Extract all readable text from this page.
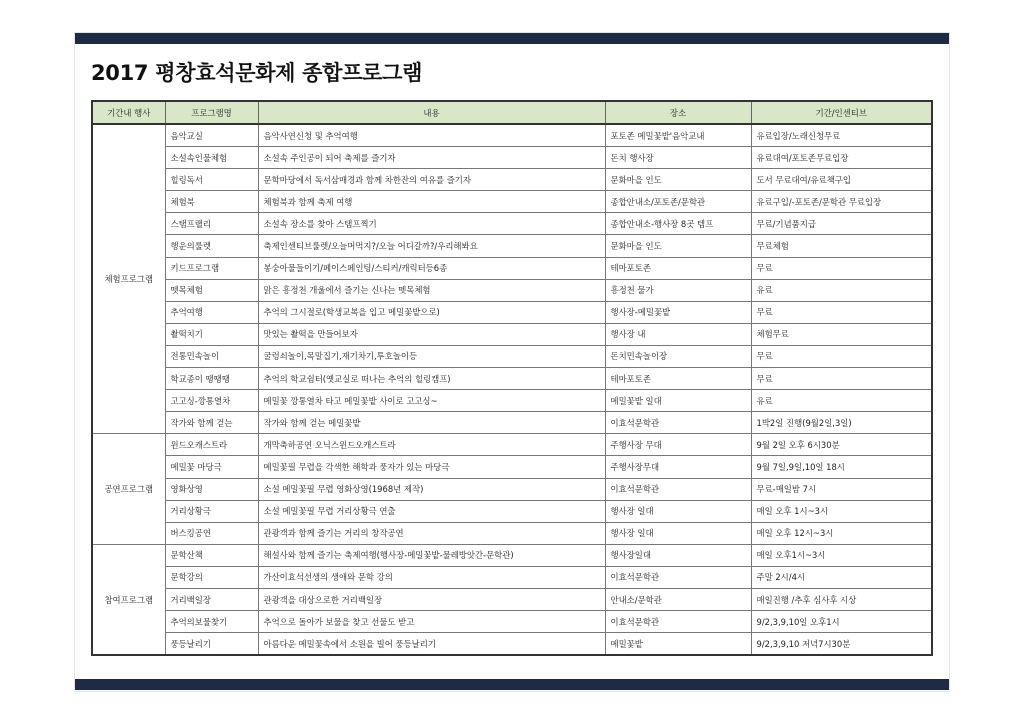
2017 평창효석문화제 종합프로그램
기간내 행사	프로그램명	내용	장소	기간/인센티브
체험프로그램	음악교실	음악사연신청 및 추억여행	포토존 메밀꽃밭'음악교내	유료입장/노래신청무료
	소설속인물체험	소설속 주인공이 되어 축제를 즐기자	돈치 행사장	유료대여/포토존무료입장
	힐링독서	문학마당에서 독서삼매경과 함께 차한잔의 여유를 즐기자	문화마을 인도	도서 무료대여/유료책구입
	체험북	체험북과 함께 축제 여행	종합안내소/포토존/문학관	유료구입/-포토존/문학관 무료입장
	스탬프랠리	소설속 장소를 찾아 스탬프찍기	종합안내소-행사장 8곳 템프	무료/기념품지급
	행운의룰렛	축제인센티브룰렛/오늘머먹지?/오늘 어디갈까?/우리해봐요	문화마을 인도	무료체험
	키드프로그램	봉숭아물들이기/페이스페인팅/스티커/캐릭터등6종	테마포토존	무료
	뗏목체험	맑은 흥정천 개울에서 즐기는 신나는 뗏목체험	흥정천 물가	유료
	추억여행	추억의 그시절로(학생교복을 입고 메밀꽃밭으로)	행사장-메밀꽃밭	무료
	촬떡치기	맛있는 촬떡을 만들어보자	행사장 내	체험무료
	전통민속놀이	굴렁쇠놀이,목말집기,재기차기,투호놀이등	돈치민속놀이장	무료
	학교종이 땡땡땡	추억의 학교쉼터(옛교실로 떠나는 추억의 힐링캠프)	테마포토존	무료
	고고싱-깡통열차	메밀꽃 깡통열차 타고 메밀꽃밭 사이로 고고싱~	메밀꽃밭 일대	유료
	작가와 함께 걷는	작가와 함께 걷는 메밀꽃밭	이효석문학관	1박2일 진행(9월2일,3일)
공연프로그램	윈드오캐스트라	개막축하공연 오닉스윈드오캐스트라	주행사장 무대	9월 2일 오후 6시30분
	메밀꽃 마당극	메밀꽃필 무렵을 각색한 해학과 풍자가 있는 마당극	주행사장무대	9월 7일,9일,10일 18시
	영화상영	소설 메밀꽃필 무렵 영화상영(1968년 제작)	이효석문학관	무료-매일밤 7시
	거리상황극	소설 메밀꽃필 무렵 거리상황극 연출	행사장 일대	매일 오후 1시~3시
	버스킹공연	관광객과 함께 즐기는 거리의 창작공연	행사장 일대	매일 오후 12시~3시
참여프로그램	문학산책	해설사와 함께 즐기는 축제여행(행사장-메밀꽃밭-물레방앗간-문학관)	행사장일대	매일 오후1시~3시
	문학강의	가산이효석선생의 생애와 문학 강의	이효석문학관	주말 2시/4시
	거리백일장	관광객을 대상으로한 거리백일장	안내소/문학관	매일진행 /추후 심사후 시상
	추억의보물찾기	추억으로 돌아가 보물을 찾고 선물도 받고	이효석문학관	9/2,3,9,10일 오후1시
	풍등날리기	아름다운 메밀꽃속에서 소원을 빌어 풍등날리기	메밀꽃밭	9/2,3,9,10 저녁7시30분
